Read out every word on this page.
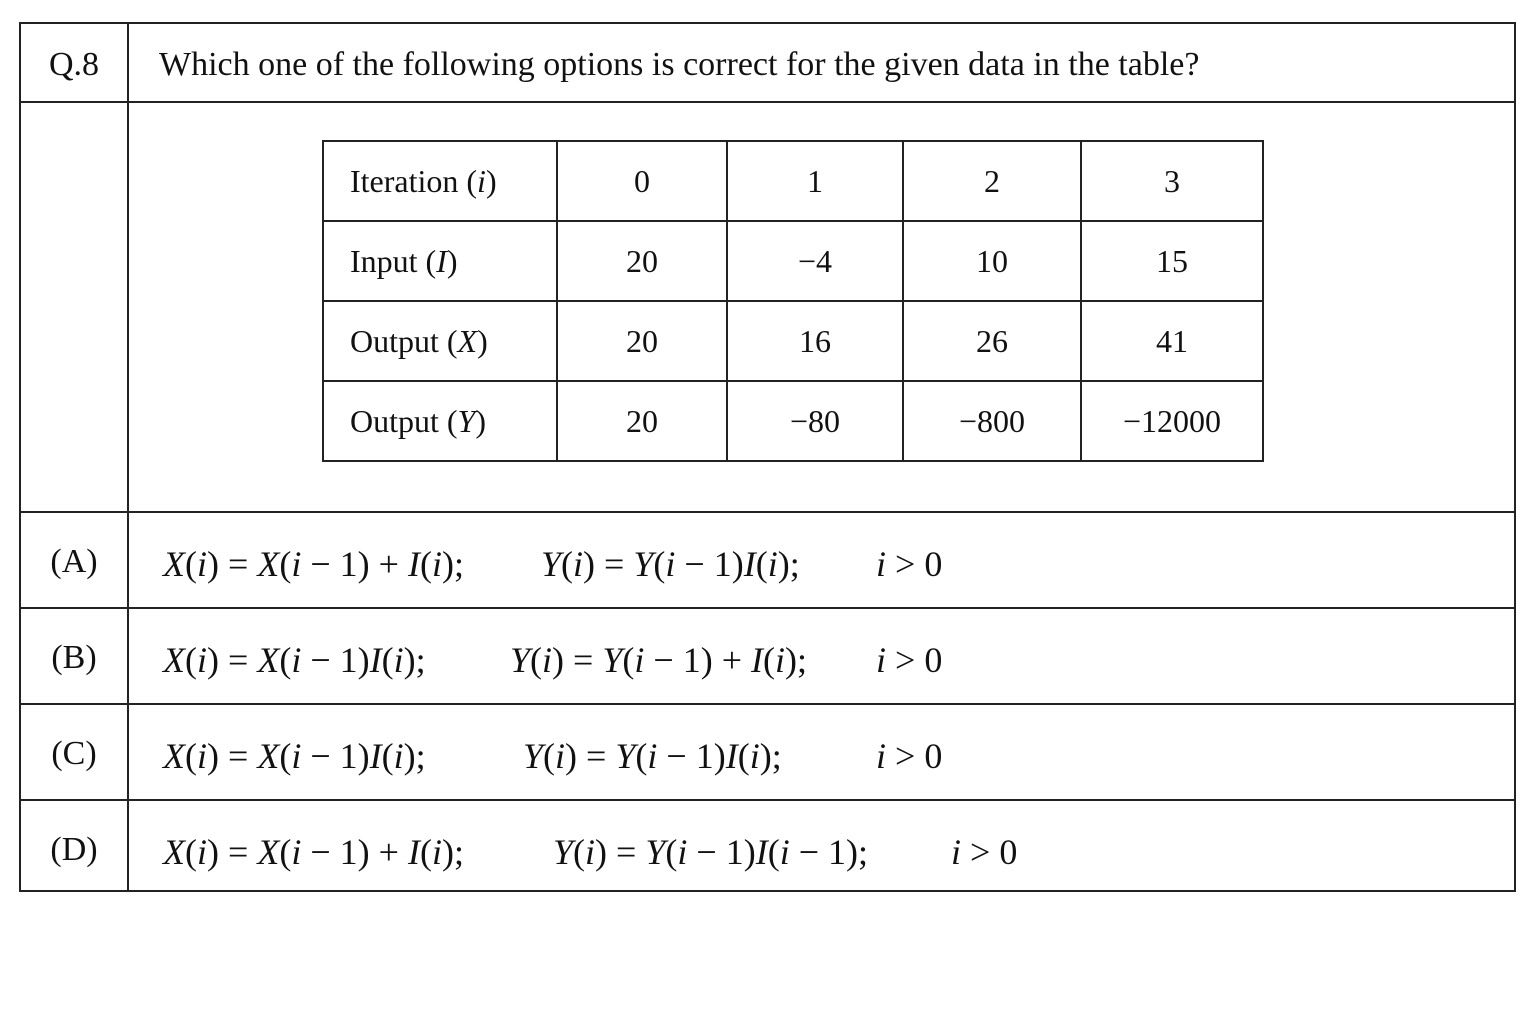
Q.8	Which one of the following options is correct for the given data in the table?
Iteration (i)	0	1	2	3
Input (I)	20	−4	10	15
Output (X)	20	16	26	41
Output (Y)	20	−80	−800	−12000
(A)	X(i) = X(i − 1) + I(i); Y(i) = Y(i − 1)I(i); i > 0
(B)	X(i) = X(i − 1)I(i); Y(i) = Y(i − 1) + I(i); i > 0
(C)	X(i) = X(i − 1)I(i);	Y(i) = Y(i − 1)I(i);	i > 0
(D)	X(i) = X(i − 1) + I(i); Y(i) = Y(i − 1)I(i − 1); i > 0
